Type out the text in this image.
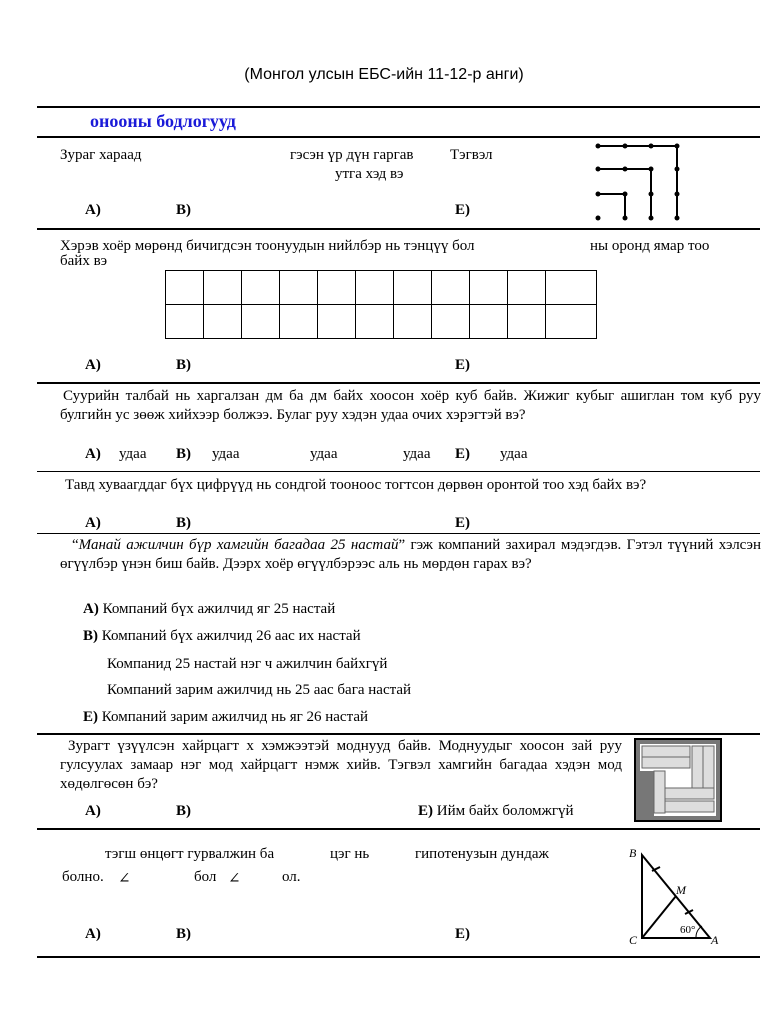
(Монгол улсын ЕБС-ийн 11-12-р анги)
онооны бодлогууд
Зураг хараад	гэсэн үр дүн гаргав Тэгвэл
утга хэд вэ
А)	В)	Е)
Хэрэв хоёр мөрөнд бичигдсэн тоонуудын нийлбэр нь тэнцүү бол	ны оронд ямар тоо
байх вэ

А)	В)	Е)
Суурийн талбай нь харгалзан дм ба дм байх хоосон хоёр куб байв. Жижиг кубыг ашиглан том куб руу булгийн ус зөөж хийхээр болжээ. Булаг руу хэдэн удаа очих хэрэгтэй вэ?
А) удаа В) удаа	удаа	удаа Е) удаа
Тавд хуваагддаг бүх цифрүүд нь сондгой тооноос тогтсон дөрвөн оронтой тоо хэд байх вэ?
А)	В)	Е)
“Манай ажилчин бүр хамгийн багадаа 25 настай” гэж компаний захирал мэдэгдэв. Гэтэл түүний хэлсэн өгүүлбэр үнэн биш байв. Дээрх хоёр өгүүлбэрээс аль нь мөрдөн гарах вэ?
А) Компаний бүх ажилчид яг 25 настай
В) Компаний бүх ажилчид 26 аас их настай
Компанид 25 настай нэг ч ажилчин байхгүй
Компаний зарим ажилчид нь 25 аас бага настай
Е) Компаний зарим ажилчид нь яг 26 настай
Зурагт үзүүлсэн хайрцагт х хэмжээтэй моднууд байв. Моднуудыг хоосон зай руу гулсуулах замаар нэг мод хайрцагт нэмж хийв. Тэгвэл хамгийн багадаа хэдэн мод хөдөлгөсөн бэ?
А)	В)	Е) Ийм байх боломжгүй
тэгш өнцөгт гурвалжин ба	цэг нь	гипотенузын дундаж
болно. ∠	бол ∠	ол.
А)	В)	Е)
B
M
C	A
60°
